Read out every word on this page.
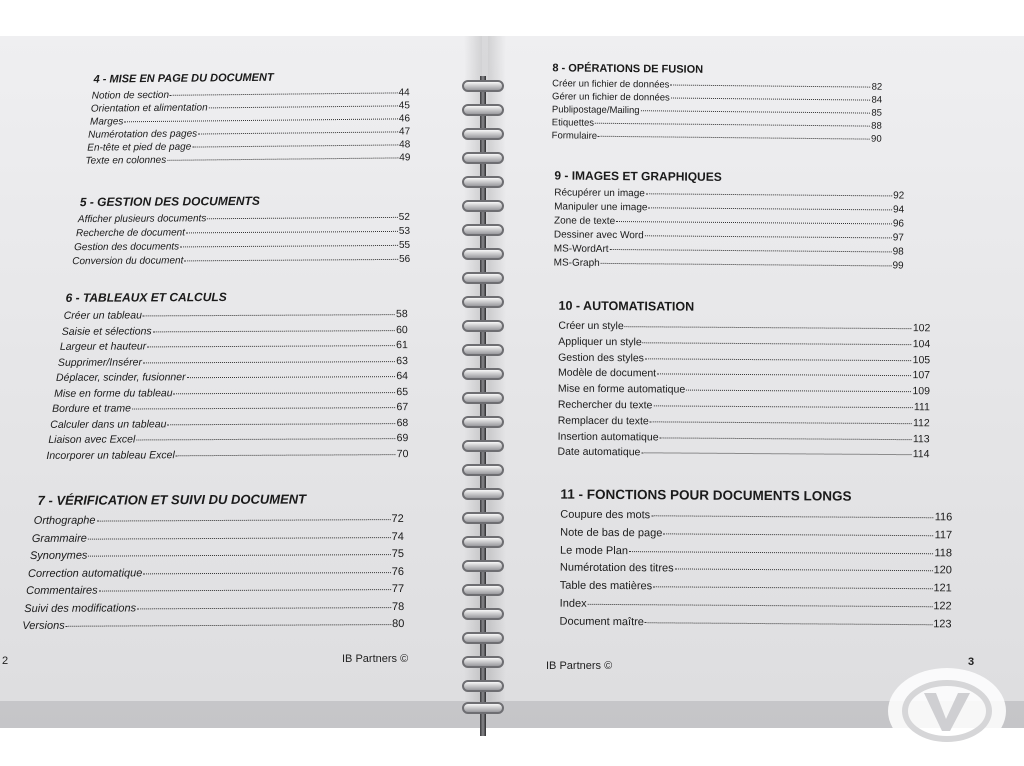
4 - MISE EN PAGE DU DOCUMENT
Notion de section	44
Orientation et alimentation	45
Marges	46
Numérotation des pages	47
En-tête et pied de page	48
Texte en colonnes	49
5 - GESTION DES DOCUMENTS
Afficher plusieurs documents	52
Recherche de document	53
Gestion des documents	55
Conversion du document	56
6 - TABLEAUX ET CALCULS
Créer un tableau	58
Saisie et sélections	60
Largeur et hauteur	61
Supprimer/Insérer	63
Déplacer, scinder, fusionner	64
Mise en forme du tableau	65
Bordure et trame	67
Calculer dans un tableau	68
Liaison avec Excel	69
Incorporer un tableau Excel	70
7 - VÉRIFICATION ET SUIVI DU DOCUMENT
Orthographe	72
Grammaire	74
Synonymes	75
Correction automatique	76
Commentaires	77
Suivi des modifications	78
Versions	80
2	IB Partners ©
8 - OPÉRATIONS DE FUSION
Créer un fichier de données	82
Gérer un fichier de données	84
Publipostage/Mailing	85
Etiquettes	88
Formulaire	90
9 - IMAGES ET GRAPHIQUES
Récupérer un image	92
Manipuler une image	94
Zone de texte	96
Dessiner avec Word	97
MS-WordArt	98
MS-Graph	99
10 - AUTOMATISATION
Créer un style	102
Appliquer un style	104
Gestion des styles	105
Modèle de document	107
Mise en forme automatique	109
Rechercher du texte	111
Remplacer du texte	112
Insertion automatique	113
Date automatique	114
11 - FONCTIONS POUR DOCUMENTS LONGS
Coupure des mots	116
Note de bas de page	117
Le mode Plan	118
Numérotation des titres	120
Table des matières	121
Index	122
Document maître	123
IB Partners ©	3
